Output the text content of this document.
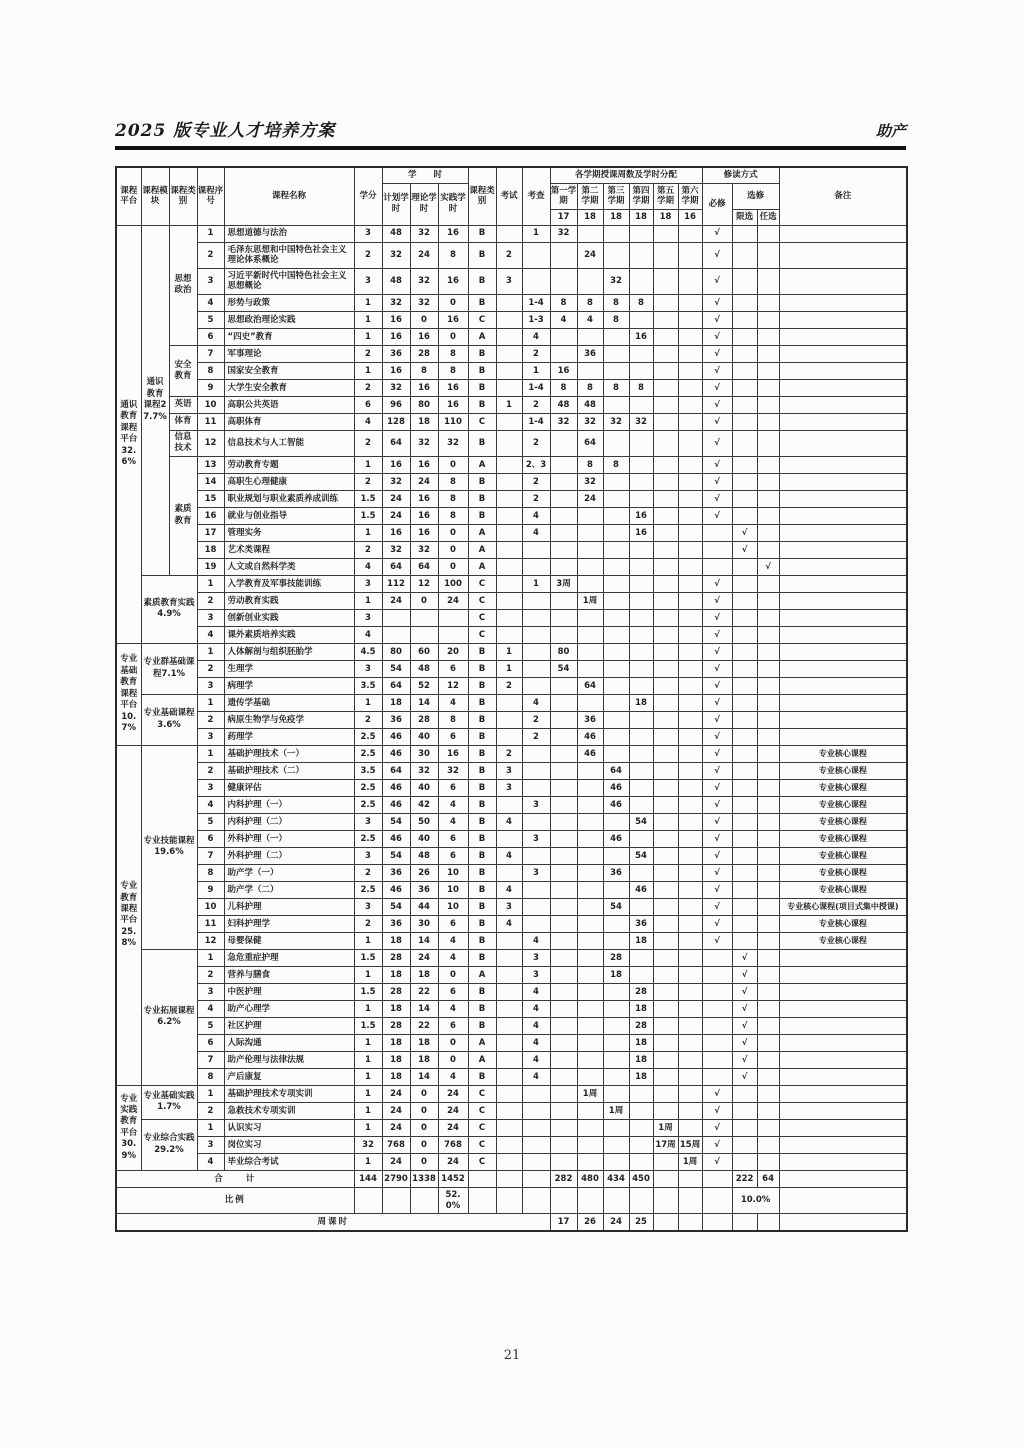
2025 版专业人才培养方案	助产
课程平台	课程模块	课程类别	课程序号	课程名称	学分	学　　时			课程类别	考试	考查	各学期授课周数及学时分配						修读方式			备注
						计划学时	理论学时	实践学时				第一学期	第二学期	第三学期	第四学期	第五学期	第六学期	必修	选修		
												17	18	18	18	18	16		限选	任选	
通识教育课程平台32.6%	通识教育课程27.7%	思想政治	1	思想道德与法治	3	48	32	16	B		1	32						√			
			2	毛泽东思想和中国特色社会主义理论体系概论	2	32	24	8	B	2			24					√			
			3	习近平新时代中国特色社会主义思想概论	3	48	32	16	B	3				32				√			
			4	形势与政策	1	32	32	0	B		1-4	8	8	8	8			√			
			5	思想政治理论实践	1	16	0	16	C		1-3	4	4	8				√			
			6	“四史”教育	1	16	16	0	A		4				16			√			
		安全教育	7	军事理论	2	36	28	8	B		2		36					√			
			8	国家安全教育	1	16	8	8	B		1	16						√			
			9	大学生安全教育	2	32	16	16	B		1-4	8	8	8	8			√			
		英语	10	高职公共英语	6	96	80	16	B	1	2	48	48					√			
		体育	11	高职体育	4	128	18	110	C		1-4	32	32	32	32			√			
		信息技术	12	信息技术与人工智能	2	64	32	32	B		2		64					√			
		素质教育	13	劳动教育专题	1	16	16	0	A		2、3		8	8				√			
			14	高职生心理健康	2	32	24	8	B		2		32					√			
			15	职业规划与职业素质养成训练	1.5	24	16	8	B		2		24					√			
			16	就业与创业指导	1.5	24	16	8	B		4				16			√			
			17	管理实务	1	16	16	0	A		4				16				√		
			18	艺术类课程	2	32	32	0	A										√		
			19	人文或自然科学类	4	64	64	0	A											√	
	素质教育实践4.9%		1	入学教育及军事技能训练	3	112	12	100	C		1	3周						√			
			2	劳动教育实践	1	24	0	24	C				1周					√			
			3	创新创业实践	3				C									√			
			4	课外素质培养实践	4				C									√			
专业基础教育课程平台10.7%	专业群基础课程7.1%		1	人体解剖与组织胚胎学	4.5	80	60	20	B	1		80						√			
			2	生理学	3	54	48	6	B	1		54						√			
			3	病理学	3.5	64	52	12	B	2			64					√			
	专业基础课程3.6%		1	遗传学基础	1	18	14	4	B		4				18			√			
			2	病原生物学与免疫学	2	36	28	8	B		2		36					√			
			3	药理学	2.5	46	40	6	B		2		46					√			
专业教育课程平台25.8%	专业技能课程19.6%		1	基础护理技术（一）	2.5	46	30	16	B	2			46					√			专业核心课程
			2	基础护理技术（二）	3.5	64	32	32	B	3				64				√			专业核心课程
			3	健康评估	2.5	46	40	6	B	3				46				√			专业核心课程
			4	内科护理（一）	2.5	46	42	4	B		3			46				√			专业核心课程
			5	内科护理（二）	3	54	50	4	B	4					54			√			专业核心课程
			6	外科护理（一）	2.5	46	40	6	B		3			46				√			专业核心课程
			7	外科护理（二）	3	54	48	6	B	4					54			√			专业核心课程
			8	助产学（一）	2	36	26	10	B		3			36				√			专业核心课程
			9	助产学（二）	2.5	46	36	10	B	4					46			√			专业核心课程
			10	儿科护理	3	54	44	10	B	3				54				√			专业核心课程(项目式集中授课)
			11	妇科护理学	2	36	30	6	B	4					36			√			专业核心课程
			12	母婴保健	1	18	14	4	B		4				18			√			专业核心课程
	专业拓展课程6.2%		1	急危重症护理	1.5	28	24	4	B		3			28					√		
			2	营养与膳食	1	18	18	0	A		3			18					√		
			3	中医护理	1.5	28	22	6	B		4				28				√		
			4	助产心理学	1	18	14	4	B		4				18				√		
			5	社区护理	1.5	28	22	6	B		4				28				√		
			6	人际沟通	1	18	18	0	A		4				18				√		
			7	助产伦理与法律法规	1	18	18	0	A		4				18				√		
			8	产后康复	1	18	14	4	B		4				18				√		
专业实践教育平台30.9%	专业基础实践1.7%		1	基础护理技术专项实训	1	24	0	24	C				1周					√			
			2	急救技术专项实训	1	24	0	24	C					1周				√			
	专业综合实践29.2%		1	认识实习	1	24	0	24	C							1周		√			
			3	岗位实习	32	768	0	768	C							17周	15周	√			
			4	毕业综合考试	1	24	0	24	C								1周	√			
合　　计					144	2790	1338	1452				282	480	434	450				222	64	
比例								52.0%											10.0%		
周课时												17	26	24	25						
21
